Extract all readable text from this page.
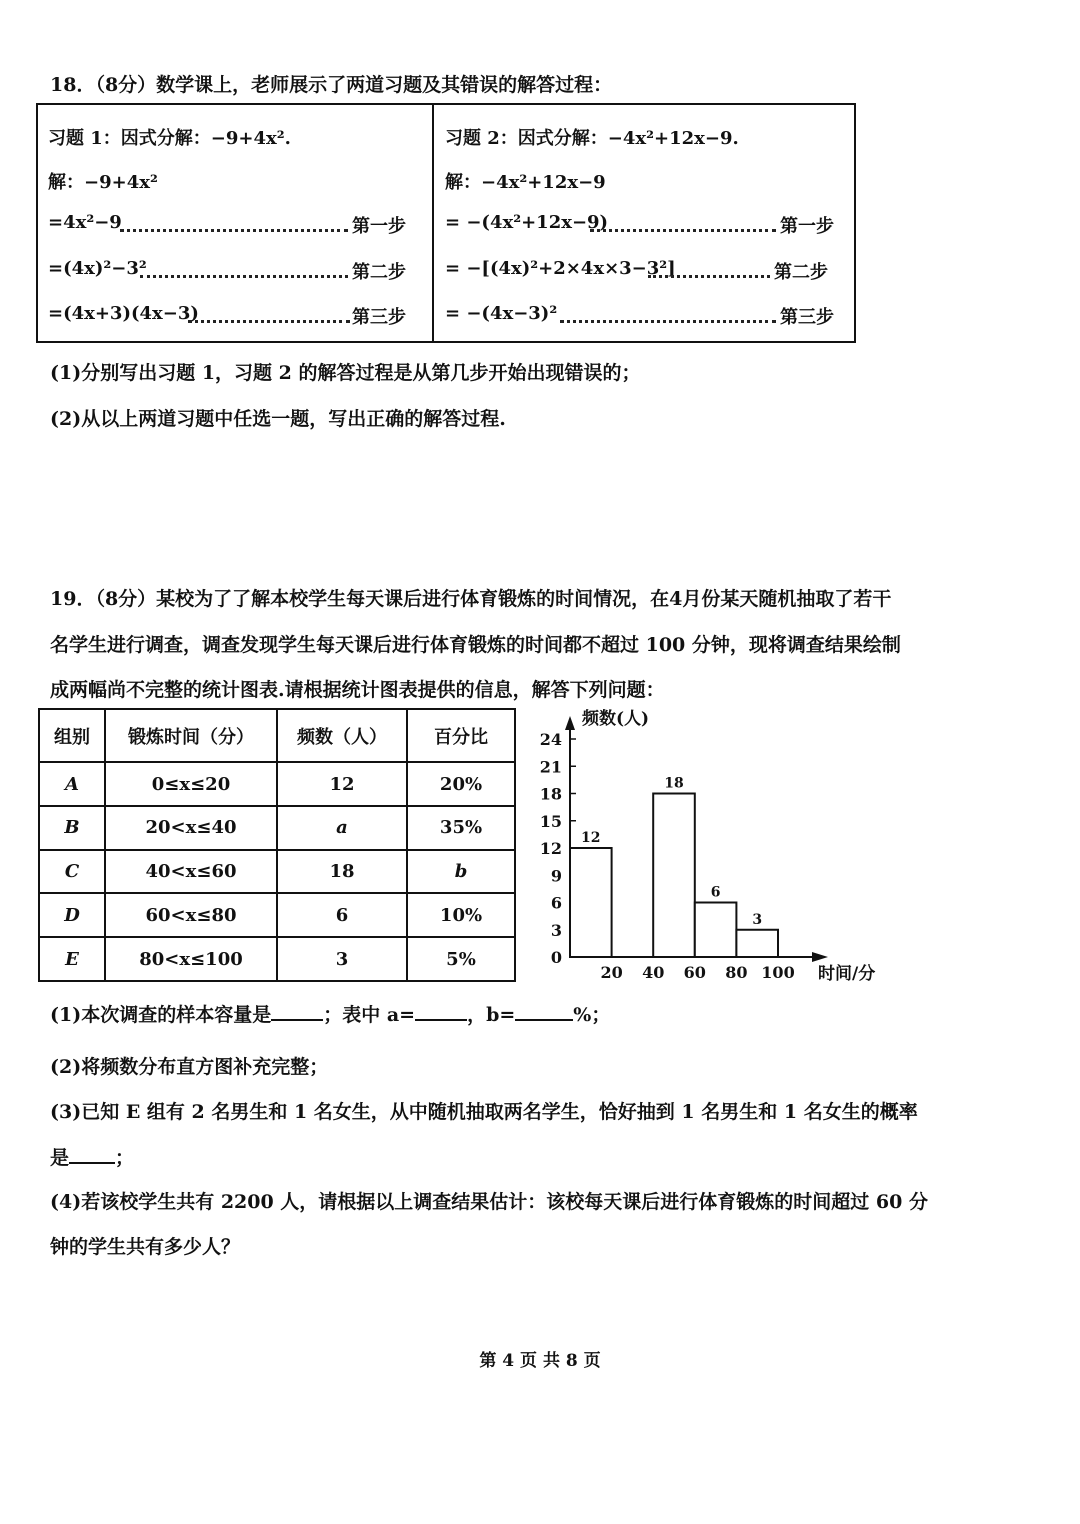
18．（8分）数学课上，老师展示了两道习题及其错误的解答过程：
习题 1：因式分解：−9+4x².
解：−9+4x²
=4x²−9	第一步
=(4x)²−3²	第二步
=(4x+3)(4x−3)	第三步
习题 2：因式分解：−4x²+12x−9.
解：−4x²+12x−9
= −(4x²+12x−9)	第一步
= −[(4x)²+2×4x×3−3²]	第二步
= −(4x−3)²	第三步
(1)分别写出习题 1，习题 2 的解答过程是从第几步开始出现错误的；
(2)从以上两道习题中任选一题，写出正确的解答过程.
19．（8分）某校为了了解本校学生每天课后进行体育锻炼的时间情况，在4月份某天随机抽取了若干
名学生进行调查，调查发现学生每天课后进行体育锻炼的时间都不超过 100 分钟，现将调查结果绘制
成两幅尚不完整的统计图表.请根据统计图表提供的信息，解答下列问题：
组别	锻炼时间（分）	频数（人）	百分比
A	0≤x≤20	12	20%
B	20<x≤40	a	35%
C	40<x≤60	18	b
D	60<x≤80	6	10%
E	80<x≤100	3	5%	0
3
6
9
12
15
18
21
24
20 40 60 80 100
频数(人)
时间/分
12
18
6
3
(1)本次调查的样本容量是	；表中 a=	，b=	%；
(2)将频数分布直方图补充完整；
(3)已知 E 组有 2 名男生和 1 名女生，从中随机抽取两名学生，恰好抽到 1 名男生和 1 名女生的概率
是 ；
(4)若该校学生共有 2200 人，请根据以上调查结果估计：该校每天课后进行体育锻炼的时间超过 60 分
钟的学生共有多少人？
第 4 页 共 8 页
